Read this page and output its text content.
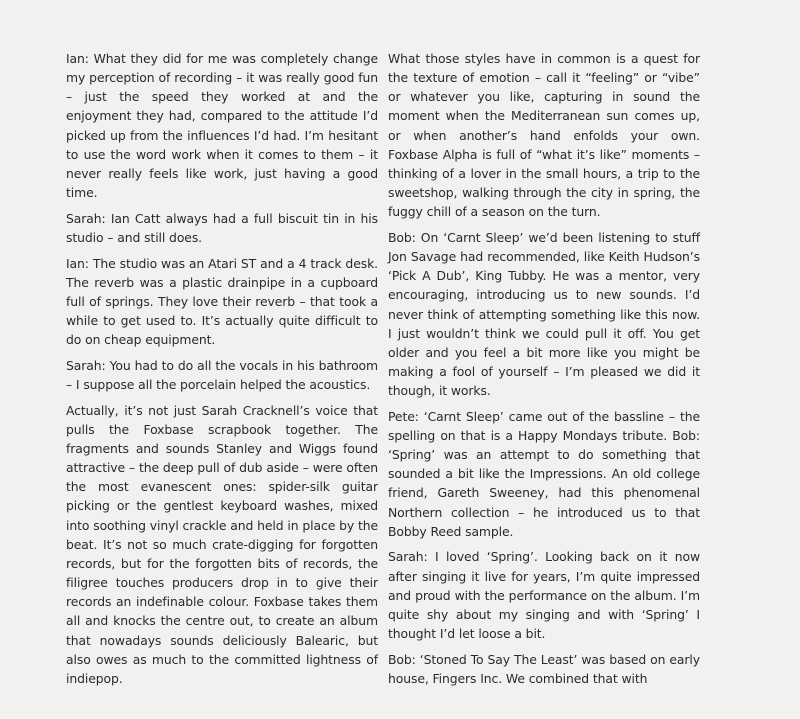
Ian: What they did for me was completely change my perception of recording – it was really good fun – just the speed they worked at and the enjoyment they had, compared to the attitude I’d picked up from the influences I’d had. I’m hesitant to use the word work when it comes to them – it never really feels like work, just having a good time.

Sarah: Ian Catt always had a full biscuit tin in his studio – and still does.

Ian: The studio was an Atari ST and a 4 track desk. The reverb was a plastic drainpipe in a cupboard full of springs. They love their reverb – that took a while to get used to. It’s actually quite difficult to do on cheap equipment.

Sarah: You had to do all the vocals in his bathroom – I suppose all the porcelain helped the acoustics.

Actually, it’s not just Sarah Cracknell’s voice that pulls the Foxbase scrapbook together. The fragments and sounds Stanley and Wiggs found attractive – the deep pull of dub aside – were often the most evanescent ones: spider-silk guitar picking or the gentlest keyboard washes, mixed into soothing vinyl crackle and held in place by the beat. It’s not so much crate-digging for forgotten records, but for the forgotten bits of records, the filigree touches producers drop in to give their records an indefinable colour. Foxbase takes them all and knocks the centre out, to create an album that nowadays sounds deliciously Balearic, but also owes as much to the committed lightness of indiepop.

What those styles have in common is a quest for the texture of emotion – call it “feeling” or “vibe” or whatever you like, capturing in sound the moment when the Mediterranean sun comes up, or when another’s hand enfolds your own. Foxbase Alpha is full of “what it’s like” moments – thinking of a lover in the small hours, a trip to the sweetshop, walking through the city in spring, the fuggy chill of a season on the turn.

Bob: On ‘Carnt Sleep’ we’d been listening to stuff Jon Savage had recommended, like Keith Hudson’s ‘Pick A Dub’, King Tubby. He was a mentor, very encouraging, introducing us to new sounds. I’d never think of attempting something like this now. I just wouldn’t think we could pull it off. You get older and you feel a bit more like you might be making a fool of yourself – I’m pleased we did it though, it works.

Pete: ‘Carnt Sleep’ came out of the bassline – the spelling on that is a Happy Mondays tribute. Bob: ‘Spring’ was an attempt to do something that sounded a bit like the Impressions. An old college friend, Gareth Sweeney, had this phenomenal Northern collection – he introduced us to that Bobby Reed sample.

Sarah: I loved ‘Spring’. Looking back on it now after singing it live for years, I’m quite impressed and proud with the performance on the album. I’m quite shy about my singing and with ‘Spring’ I thought I’d let loose a bit.

Bob: ‘Stoned To Say The Least’ was based on early house, Fingers Inc. We combined that with
